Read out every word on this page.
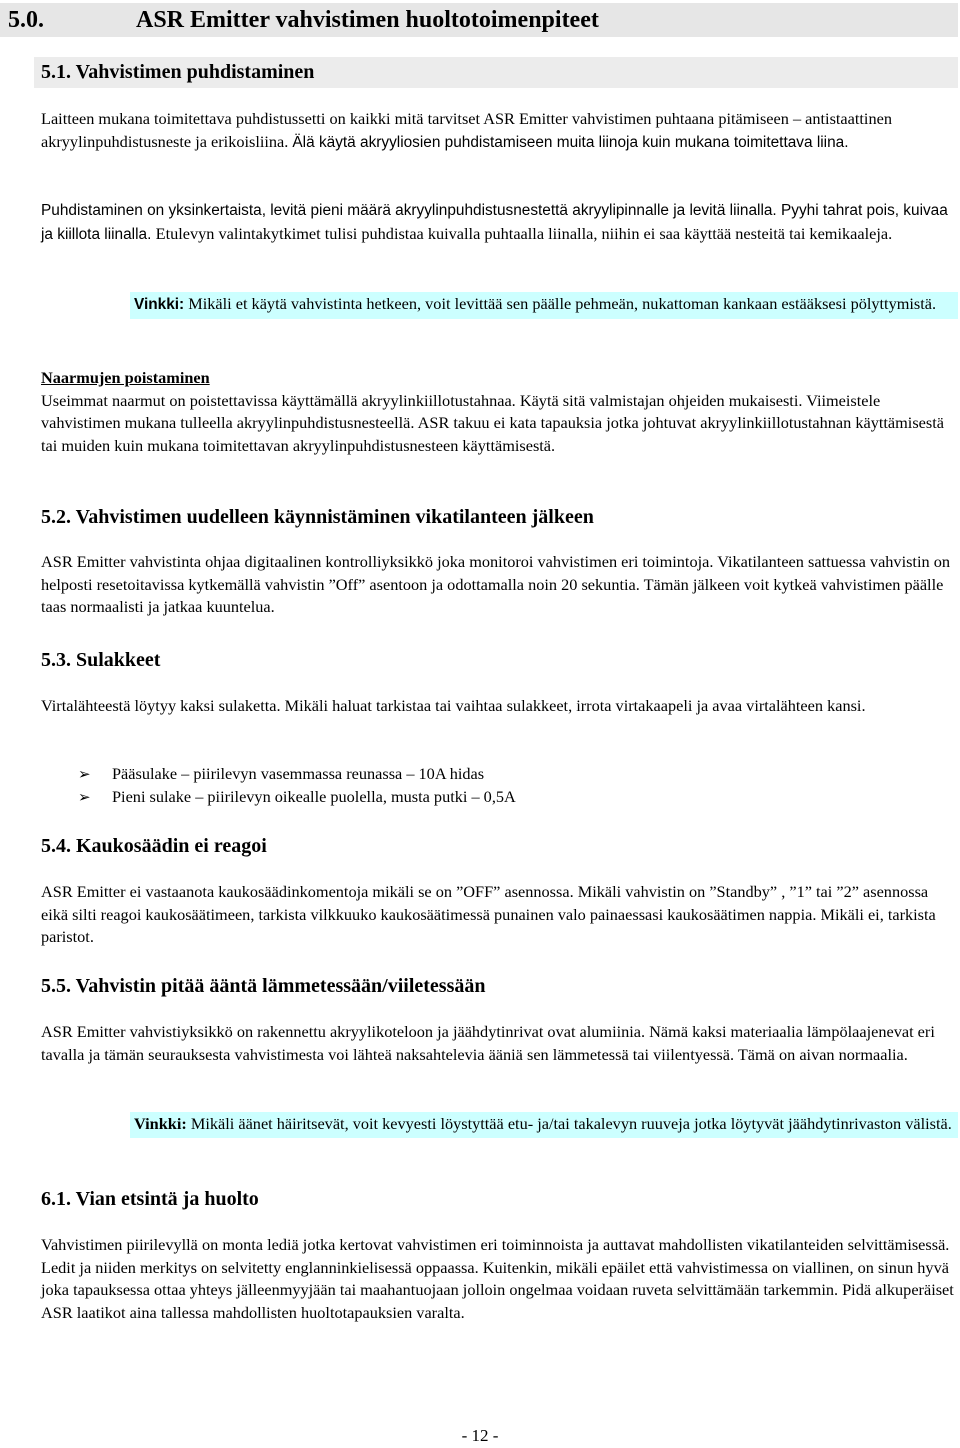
5.0.	ASR Emitter vahvistimen huoltotoimenpiteet
5.1. Vahvistimen puhdistaminen
Laitteen mukana toimitettava puhdistussetti on kaikki mitä tarvitset ASR Emitter vahvistimen puhtaana pitämiseen – antistaattinen akryylinpuhdistusneste ja erikoisliina. Älä käytä akryyliosien puhdistamiseen muita liinoja kuin mukana toimitettava liina.
Puhdistaminen on yksinkertaista, levitä pieni määrä akryylinpuhdistusnestettä akryylipinnalle ja levitä liinalla. Pyyhi tahrat pois, kuivaa ja kiillota liinalla. Etulevyn valintakytkimet tulisi puhdistaa kuivalla puhtaalla liinalla, niihin ei saa käyttää nesteitä tai kemikaaleja.
Vinkki: Mikäli et käytä vahvistinta hetkeen, voit levittää sen päälle pehmeän, nukattoman kankaan estääksesi pölyttymistä.
Naarmujen poistaminen
Useimmat naarmut on poistettavissa käyttämällä akryylinkiillotustahnaa. Käytä sitä valmistajan ohjeiden mukaisesti. Viimeistele vahvistimen mukana tulleella akryylinpuhdistusnesteellä. ASR takuu ei kata tapauksia jotka johtuvat akryylinkiillotustahnan käyttämisestä tai muiden kuin mukana toimitettavan akryylinpuhdistusnesteen käyttämisestä.
5.2. Vahvistimen uudelleen käynnistäminen vikatilanteen jälkeen
ASR Emitter vahvistinta ohjaa digitaalinen kontrolliyksikkö joka monitoroi vahvistimen eri toimintoja. Vikatilanteen sattuessa vahvistin on helposti resetoitavissa kytkemällä vahvistin ”Off” asentoon ja odottamalla noin 20 sekuntia. Tämän jälkeen voit kytkeä vahvistimen päälle taas normaalisti ja jatkaa kuuntelua.
5.3. Sulakkeet
Virtalähteestä löytyy kaksi sulaketta. Mikäli haluat tarkistaa tai vaihtaa sulakkeet, irrota virtakaapeli ja avaa virtalähteen kansi.
➢ Pääsulake – piirilevyn vasemmassa reunassa – 10A hidas
➢ Pieni sulake – piirilevyn oikealle puolella, musta putki – 0,5A
5.4. Kaukosäädin ei reagoi
ASR Emitter ei vastaanota kaukosäädinkomentoja mikäli se on ”OFF” asennossa. Mikäli vahvistin on ”Standby” , ”1” tai ”2” asennossa eikä silti reagoi kaukosäätimeen, tarkista vilkkuuko kaukosäätimessä punainen valo painaessasi kaukosäätimen nappia. Mikäli ei, tarkista paristot.
5.5. Vahvistin pitää ääntä lämmetessään/viiletessään
ASR Emitter vahvistiyksikkö on rakennettu akryylikoteloon ja jäähdytinrivat ovat alumiinia. Nämä kaksi materiaalia lämpölaajenevat eri tavalla ja tämän seurauksesta vahvistimesta voi lähteä naksahtelevia ääniä sen lämmetessä tai viilentyessä. Tämä on aivan normaalia.
Vinkki: Mikäli äänet häiritsevät, voit kevyesti löystyttää etu- ja/tai takalevyn ruuveja jotka löytyvät jäähdytinrivaston välistä.
6.1. Vian etsintä ja huolto
Vahvistimen piirilevyllä on monta lediä jotka kertovat vahvistimen eri toiminnoista ja auttavat mahdollisten vikatilanteiden selvittämisessä. Ledit ja niiden merkitys on selvitetty englanninkielisessä oppaassa. Kuitenkin, mikäli epäilet että vahvistimessa on viallinen, on sinun hyvä joka tapauksessa ottaa yhteys jälleenmyyjään tai maahantuojaan jolloin ongelmaa voidaan ruveta selvittämään tarkemmin. Pidä alkuperäiset ASR laatikot aina tallessa mahdollisten huoltotapauksien varalta.
- 12 -
